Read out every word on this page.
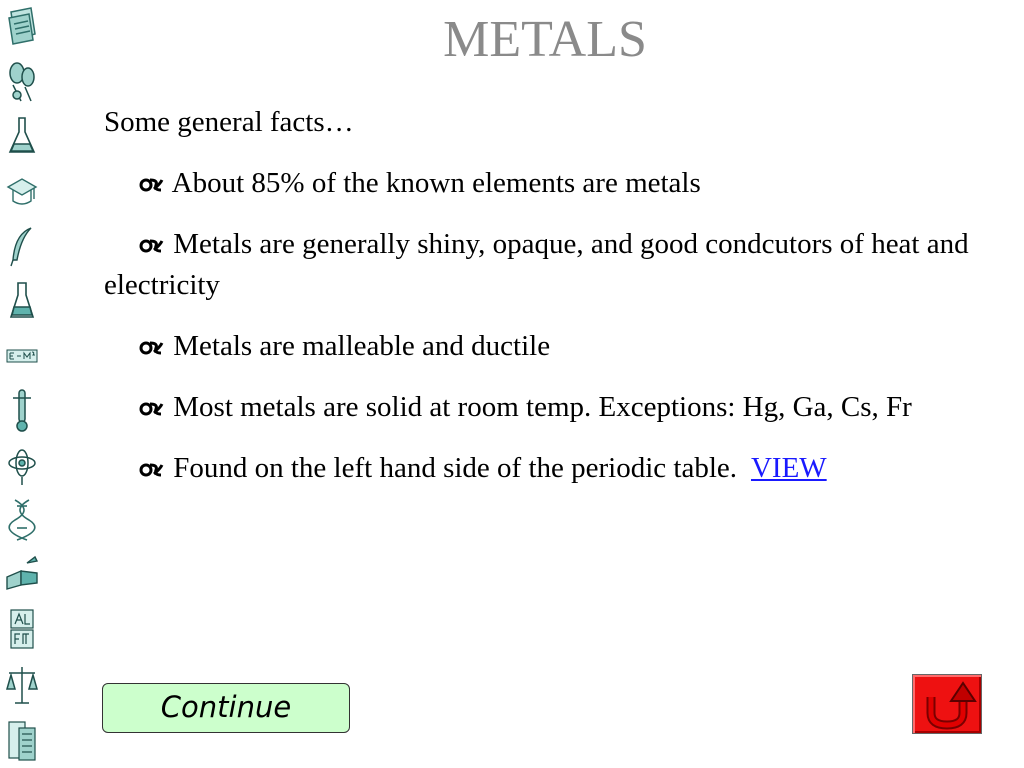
METALS

Some general facts…

About 85% of the known elements are metals

Metals are generally shiny, opaque, and good condcutors of heat and electricity

Metals are malleable and ductile

Most metals are solid at room temp. Exceptions: Hg, Ga, Cs, Fr

Found on the left hand side of the periodic table.  VIEW

Continue
